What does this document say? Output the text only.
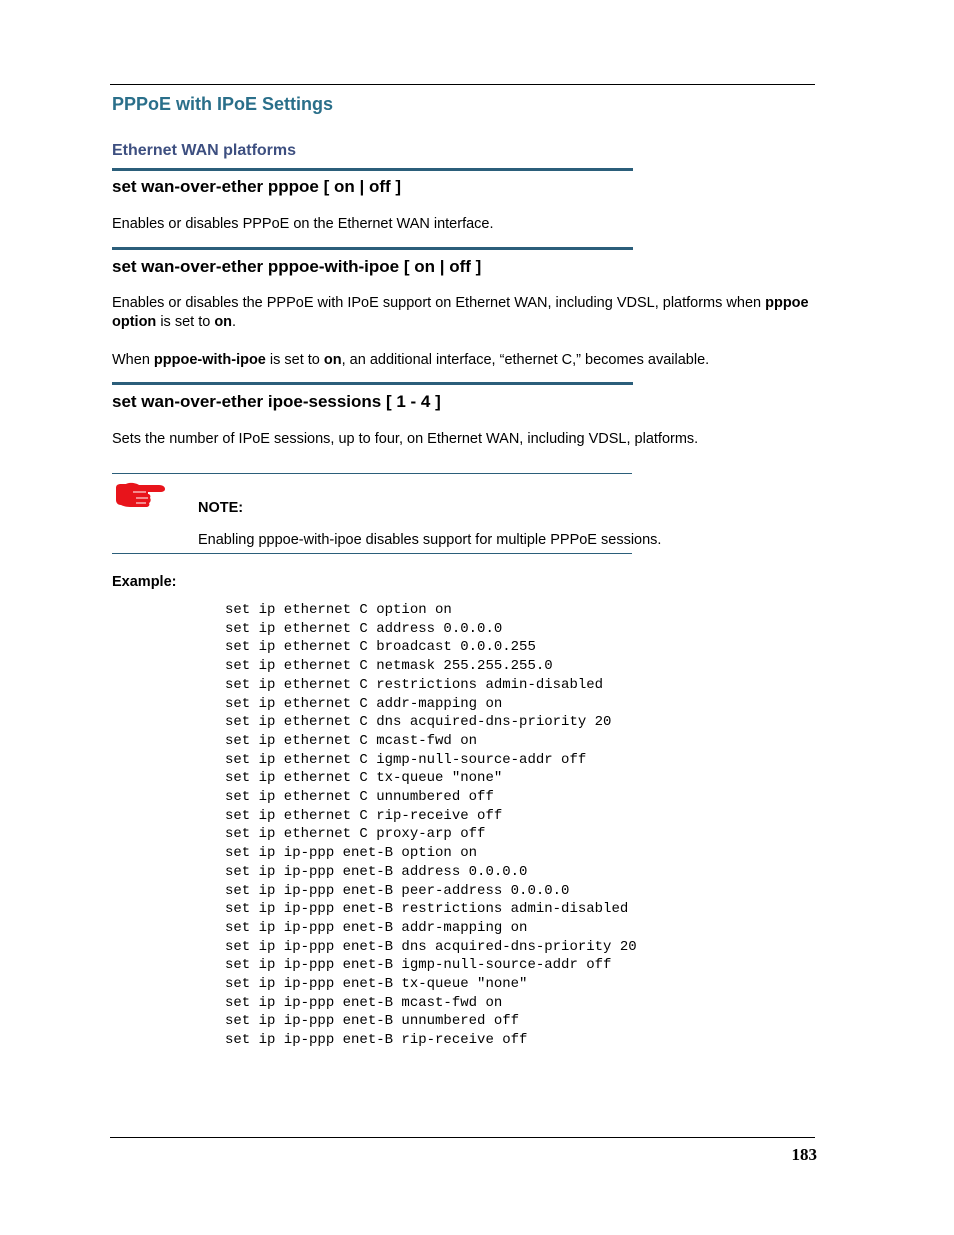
PPPoE with IPoE Settings
Ethernet WAN platforms
set wan-over-ether pppoe [ on | off ]
Enables or disables PPPoE on the Ethernet WAN interface.
set wan-over-ether pppoe-with-ipoe [ on | off ]
Enables or disables the PPPoE with IPoE support on Ethernet WAN, including VDSL, platforms when pppoe option is set to on.
When pppoe-with-ipoe is set to on, an additional interface, “ethernet C,” becomes available.
set wan-over-ether ipoe-sessions [ 1 - 4 ]
Sets the number of IPoE sessions, up to four, on Ethernet WAN, including VDSL, platforms.
NOTE:
Enabling pppoe-with-ipoe disables support for multiple PPPoE sessions.
Example:
set ip ethernet C option on
set ip ethernet C address 0.0.0.0
set ip ethernet C broadcast 0.0.0.255
set ip ethernet C netmask 255.255.255.0
set ip ethernet C restrictions admin-disabled
set ip ethernet C addr-mapping on
set ip ethernet C dns acquired-dns-priority 20
set ip ethernet C mcast-fwd on
set ip ethernet C igmp-null-source-addr off
set ip ethernet C tx-queue "none"
set ip ethernet C unnumbered off
set ip ethernet C rip-receive off
set ip ethernet C proxy-arp off
set ip ip-ppp enet-B option on
set ip ip-ppp enet-B address 0.0.0.0
set ip ip-ppp enet-B peer-address 0.0.0.0
set ip ip-ppp enet-B restrictions admin-disabled
set ip ip-ppp enet-B addr-mapping on
set ip ip-ppp enet-B dns acquired-dns-priority 20
set ip ip-ppp enet-B igmp-null-source-addr off
set ip ip-ppp enet-B tx-queue "none"
set ip ip-ppp enet-B mcast-fwd on
set ip ip-ppp enet-B unnumbered off
set ip ip-ppp enet-B rip-receive off
183
